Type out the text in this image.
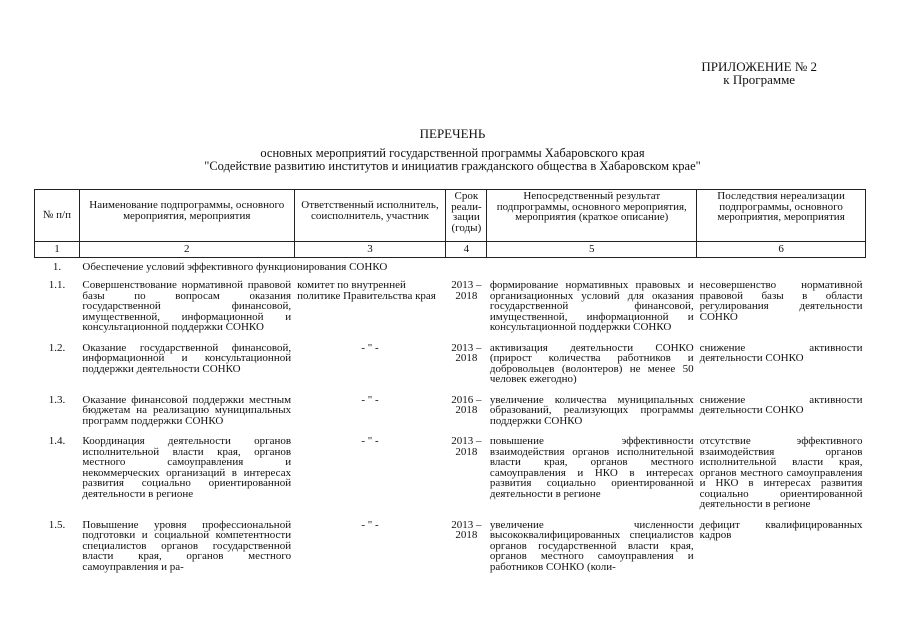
ПРИЛОЖЕНИЕ № 2
к Программе
ПЕРЕЧЕНЬ
основных мероприятий государственной программы Хабаровского края
"Содействие развитию институтов и инициатив гражданского общества в Хабаровском крае"
№ п/п	Наименование подпрограммы, основного мероприятия, мероприятия	Ответственный исполнитель, соисполнитель, участник	Срок реали-зации (годы)	Непосредственный результат подпрограммы, основного мероприятия, мероприятия (краткое описание)	Последствия нереализации подпрограммы, основного мероприятия, мероприятия
1	2	3	4	5	6
1.	Обеспечение условий эффективного функционирования СОНКО				
1.1.	Совершенствование нормативной правовой базы по вопросам оказания государственной финансовой, имущественной, информационной и консультационной поддержки СОНКО	комитет по внутренней политике Правительства края	2013 – 2018	формирование нормативных правовых и организационных условий для оказания государственной финансовой, имущественной, информационной и консультационной поддержки СОНКО	несовершенство нормативной правовой базы в области регулирования деятельности СОНКО
1.2.	Оказание государственной финансовой, информационной и консультационной поддержки деятельности СОНКО	- " -	2013 – 2018	активизация деятельности СОНКО (прирост количества работников и добровольцев (волонтеров) не менее 50 человек ежегодно)	снижение активности деятельности СОНКО
1.3.	Оказание финансовой поддержки местным бюджетам на реализацию муниципальных программ поддержки СОНКО	- " -	2016 – 2018	увеличение количества муниципальных образований, реализующих программы поддержки СОНКО	снижение активности деятельности СОНКО
1.4.	Координация деятельности органов исполнительной власти края, органов местного самоуправления и некоммерческих организаций в интересах развития социально ориентированной деятельности в регионе	- " -	2013 – 2018	повышение эффективности взаимодействия органов исполнительной власти края, органов местного самоуправления и НКО в интересах развития социально ориентированной деятельности в регионе	отсутствие эффективного взаимодействия органов исполнительной власти края, органов местного самоуправления и НКО в интересах развития социально ориентированной деятельности в регионе
1.5.	Повышение уровня профессиональной подготовки и социальной компетентности специалистов органов государственной власти края, органов местного самоуправления и ра-	- " -	2013 – 2018	увеличение численности высококвалифицированных специалистов органов государственной власти края, органов местного самоуправления и работников СОНКО (коли-	дефицит квалифицированных кадров
